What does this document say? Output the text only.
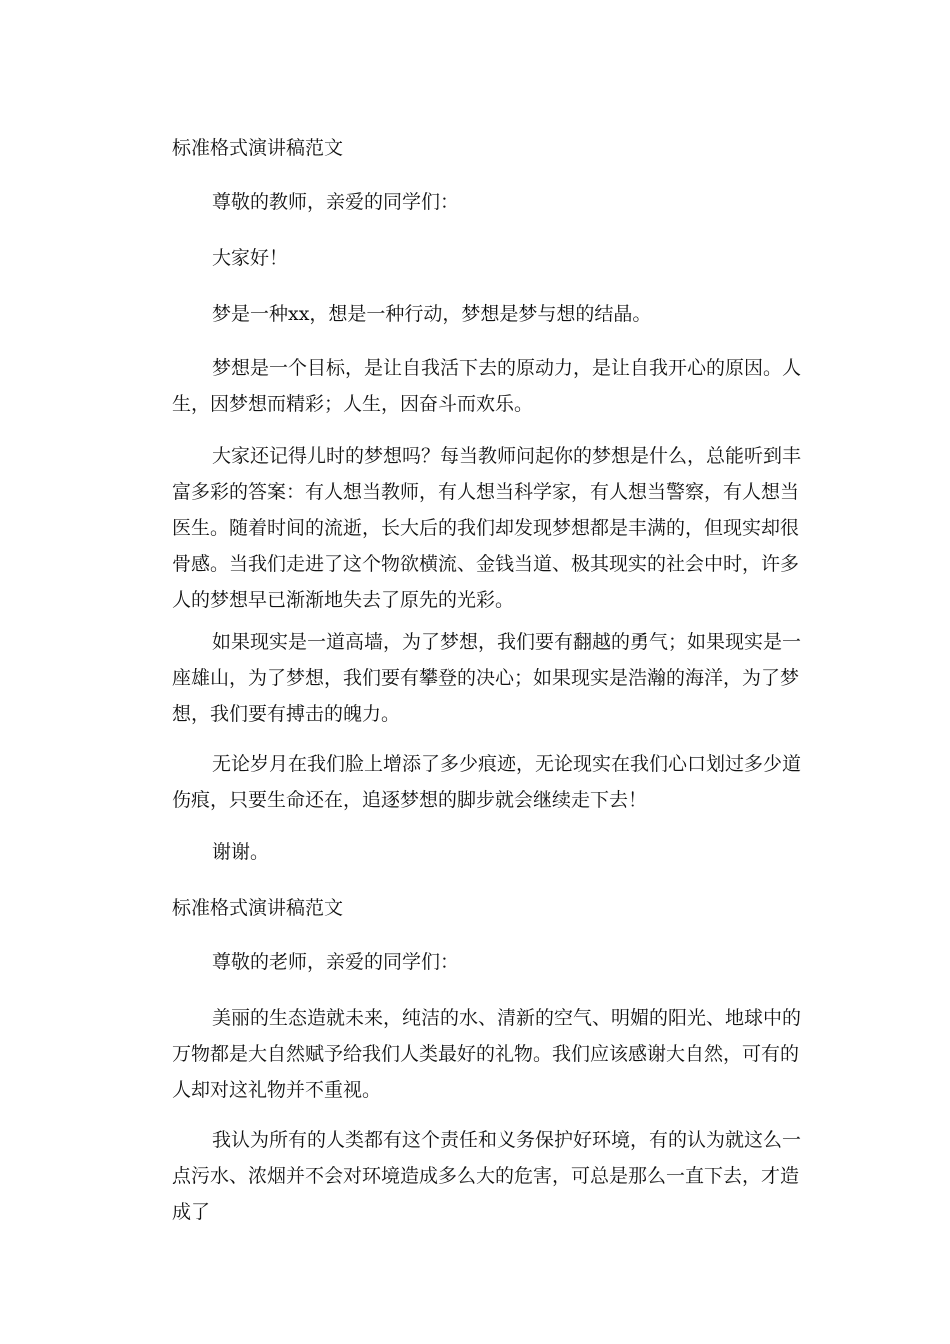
标准格式演讲稿范文

尊敬的教师，亲爱的同学们：

大家好！

梦是一种xx，想是一种行动，梦想是梦与想的结晶。

梦想是一个目标，是让自我活下去的原动力，是让自我开心的原因。人生，因梦想而精彩；人生，因奋斗而欢乐。

大家还记得儿时的梦想吗？每当教师问起你的梦想是什么，总能听到丰富多彩的答案：有人想当教师，有人想当科学家，有人想当警察，有人想当医生。随着时间的流逝，长大后的我们却发现梦想都是丰满的，但现实却很骨感。当我们走进了这个物欲横流、金钱当道、极其现实的社会中时，许多人的梦想早已渐渐地失去了原先的光彩。

如果现实是一道高墙，为了梦想，我们要有翻越的勇气；如果现实是一座雄山，为了梦想，我们要有攀登的决心；如果现实是浩瀚的海洋，为了梦想，我们要有搏击的魄力。

无论岁月在我们脸上增添了多少痕迹，无论现实在我们心口划过多少道伤痕，只要生命还在，追逐梦想的脚步就会继续走下去！

谢谢。

标准格式演讲稿范文

尊敬的老师，亲爱的同学们：

美丽的生态造就未来，纯洁的水、清新的空气、明媚的阳光、地球中的万物都是大自然赋予给我们人类最好的礼物。我们应该感谢大自然，可有的人却对这礼物并不重视。

我认为所有的人类都有这个责任和义务保护好环境，有的认为就这么一点污水、浓烟并不会对环境造成多么大的危害，可总是那么一直下去，才造成了
